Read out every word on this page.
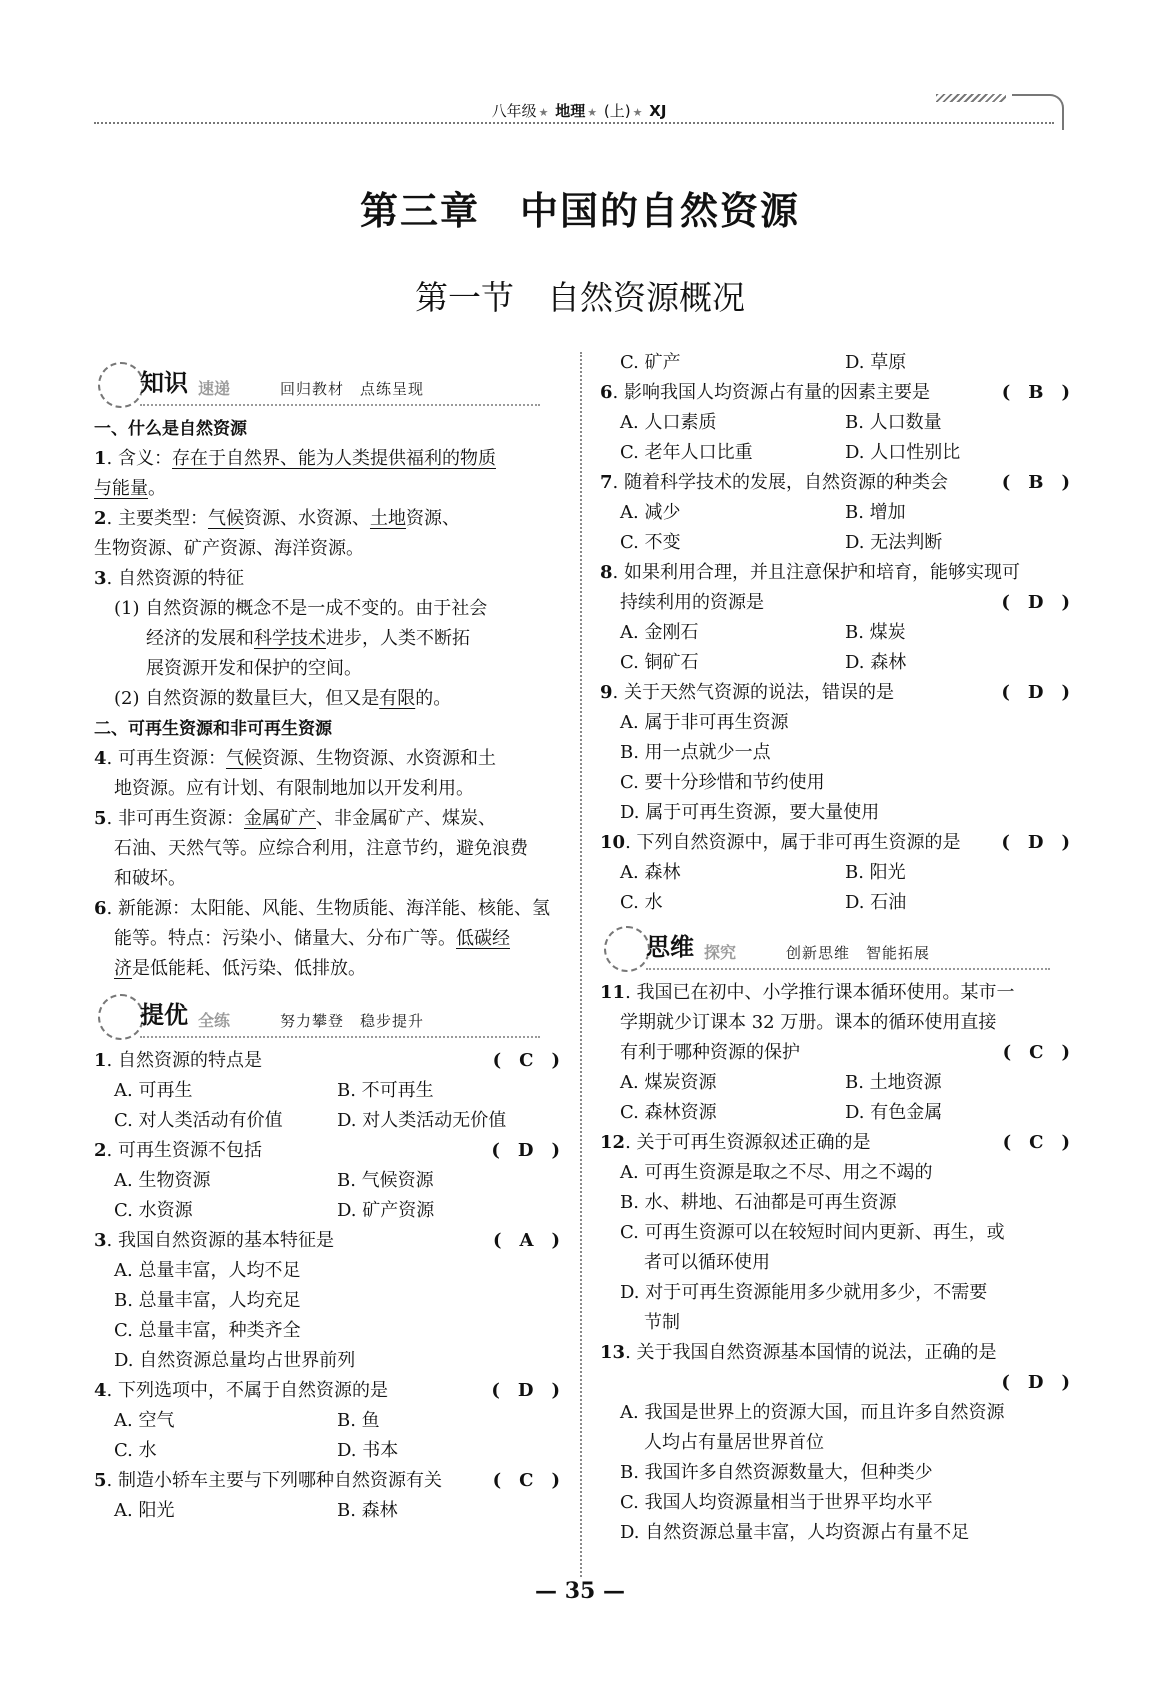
八年级 ★ 地理 ★ (上) ★ XJ
第三章　中国的自然资源
第一节　自然资源概况
知识 速递	回归教材　点练呈现

一、什么是自然资源

1. 含义：存在于自然界、能为人类提供福利的物质

与能量。

2. 主要类型：气候资源、水资源、土地资源、

生物资源、矿产资源、海洋资源。

3. 自然资源的特征

(1) 自然资源的概念不是一成不变的。由于社会

经济的发展和科学技术进步，人类不断拓

展资源开发和保护的空间。

(2) 自然资源的数量巨大，但又是有限的。

二、可再生资源和非可再生资源

4. 可再生资源：气候资源、生物资源、水资源和土

地资源。应有计划、有限制地加以开发利用。

5. 非可再生资源：金属矿产、非金属矿产、煤炭、

石油、天然气等。应综合利用，注意节约，避免浪费

和破坏。

6. 新能源：太阳能、风能、生物质能、海洋能、核能、氢

能等。特点：污染小、储量大、分布广等。低碳经

济是低能耗、低污染、低排放。

提优 全练	努力攀登　稳步提升
1. 自然资源的特点是	(　C　)
A. 可再生	B. 不可再生
C. 对人类活动有价值	D. 对人类活动无价值
2. 可再生资源不包括	(　D　)
A. 生物资源	B. 气候资源
C. 水资源	D. 矿产资源
3. 我国自然资源的基本特征是	(　A　)

A. 总量丰富，人均不足

B. 总量丰富，人均充足

C. 总量丰富，种类齐全

D. 自然资源总量均占世界前列

4. 下列选项中，不属于自然资源的是	(　D　)
A. 空气	B. 鱼
C. 水	D. 书本
5. 制造小轿车主要与下列哪种自然资源有关	(　C　)
A. 阳光	B. 森林
C. 矿产	D. 草原
6. 影响我国人均资源占有量的因素主要是	(　B　)
A. 人口素质	B. 人口数量
C. 老年人口比重	D. 人口性别比
7. 随着科学技术的发展，自然资源的种类会	(　B　)
A. 减少	B. 增加
C. 不变	D. 无法判断

8. 如果利用合理，并且注意保护和培育，能够实现可

持续利用的资源是	(　D　)
A. 金刚石	B. 煤炭
C. 铜矿石	D. 森林
9. 关于天然气资源的说法，错误的是	(　D　)

A. 属于非可再生资源

B. 用一点就少一点

C. 要十分珍惜和节约使用

D. 属于可再生资源，要大量使用

10. 下列自然资源中，属于非可再生资源的是 (　D　)
A. 森林	B. 阳光
C. 水	D. 石油
思维 探究	创新思维　智能拓展

11. 我国已在初中、小学推行课本循环使用。某市一

学期就少订课本 32 万册。课本的循环使用直接

有利于哪种资源的保护	(　C　)
A. 煤炭资源	B. 土地资源
C. 森林资源	D. 有色金属
12. 关于可再生资源叙述正确的是	(　C　)

A. 可再生资源是取之不尽、用之不竭的

B. 水、耕地、石油都是可再生资源

C. 可再生资源可以在较短时间内更新、再生，或

者可以循环使用

D. 对于可再生资源能用多少就用多少，不需要

节制

13. 关于我国自然资源基本国情的说法，正确的是

(　D　)

A. 我国是世界上的资源大国，而且许多自然资源

人均占有量居世界首位

B. 我国许多自然资源数量大，但种类少

C. 我国人均资源量相当于世界平均水平

D. 自然资源总量丰富，人均资源占有量不足

— 35 —
